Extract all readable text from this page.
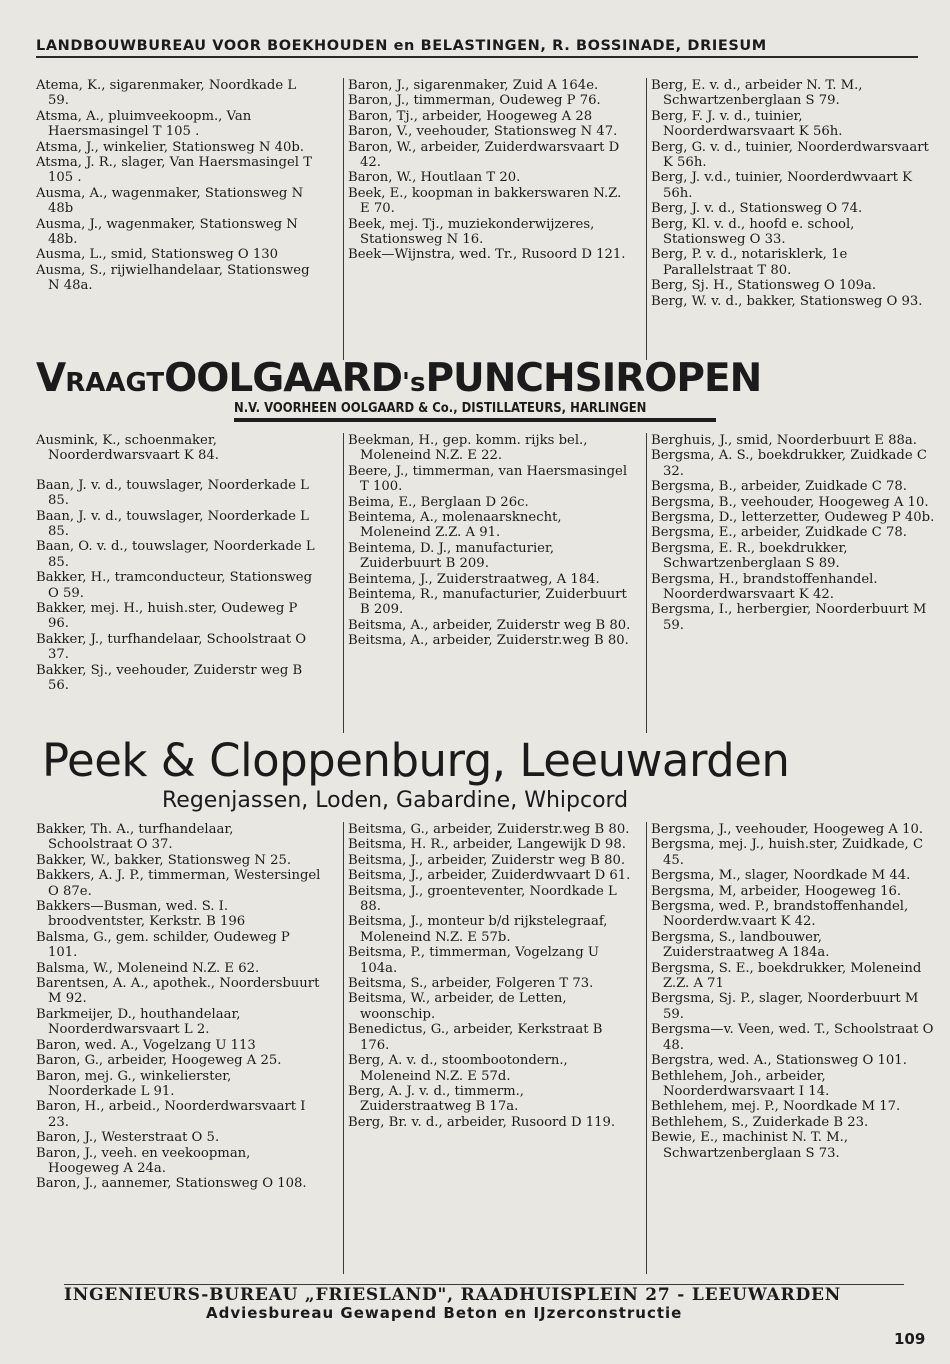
LANDBOUWBUREAU VOOR BOEKHOUDEN en BELASTINGEN, R. BOSSINADE, DRIESUM
Atema, K., sigarenmaker, Noordkade L 59.
Atsma, A., pluimveekoopm., Van Haersmasingel T 105 .
Atsma, J., winkelier, Stationsweg N 40b.
Atsma, J. R., slager, Van Haersmasingel T 105 .
Ausma, A., wagenmaker, Stationsweg N 48b
Ausma, J., wagenmaker, Stationsweg N 48b.
Ausma, L., smid, Stationsweg O 130
Ausma, S., rijwielhandelaar, Stationsweg N 48a.
Baron, J., sigarenmaker, Zuid A 164e.
Baron, J., timmerman, Oudeweg P 76.
Baron, Tj., arbeider, Hoogeweg A 28
Baron, V., veehouder, Stationsweg N 47.
Baron, W., arbeider, Zuiderdwarsvaart D 42.
Baron, W., Houtlaan T 20.
Beek, E., koopman in bakkerswaren N.Z. E 70.
Beek, mej. Tj., muziekonderwijzeres, Stationsweg N 16.
Beek—Wijnstra, wed. Tr., Rusoord D 121.
Berg, E. v. d., arbeider N. T. M., Schwartzenberglaan S 79.
Berg, F. J. v. d., tuinier, Noorderdwarsvaart K 56h.
Berg, G. v. d., tuinier, Noorderdwarsvaart K 56h.
Berg, J. v.d., tuinier, Noorderdwvaart K 56h.
Berg, J. v. d., Stationsweg O 74.
Berg, Kl. v. d., hoofd e. school, Stationsweg O 33.
Berg, P. v. d., notarisklerk, 1e Parallelstraat T 80.
Berg, Sj. H., Stationsweg O 109a.
Berg, W. v. d., bakker, Stationsweg O 93.
VRAAGTOOLGAARD'sPUNCHSIROPEN
N.V. VOORHEEN OOLGAARD & Co., DISTILLATEURS, HARLINGEN
Ausmink, K., schoenmaker, Noorderdwarsvaart K 84.
Baan, J. v. d., touwslager, Noorderkade L 85.
Baan, J. v. d., touwslager, Noorderkade L 85.
Baan, O. v. d., touwslager, Noorderkade L 85.
Bakker, H., tramconducteur, Stationsweg O 59.
Bakker, mej. H., huish.ster, Oudeweg P 96.
Bakker, J., turfhandelaar, Schoolstraat O 37.
Bakker, Sj., veehouder, Zuiderstr weg B 56.
Beekman, H., gep. komm. rijks bel., Moleneind N.Z. E 22.
Beere, J., timmerman, van Haersmasingel T 100.
Beima, E., Berglaan D 26c.
Beintema, A., molenaarsknecht, Moleneind Z.Z. A 91.
Beintema, D. J., manufacturier, Zuiderbuurt B 209.
Beintema, J., Zuiderstraatweg, A 184.
Beintema, R., manufacturier, Zuiderbuurt B 209.
Beitsma, A., arbeider, Zuiderstr weg B 80.
Beitsma, A., arbeider, Zuiderstr.weg B 80.
Berghuis, J., smid, Noorderbuurt E 88a.
Bergsma, A. S., boekdrukker, Zuidkade C 32.
Bergsma, B., arbeider, Zuidkade C 78.
Bergsma, B., veehouder, Hoogeweg A 10.
Bergsma, D., letterzetter, Oudeweg P 40b.
Bergsma, E., arbeider, Zuidkade C 78.
Bergsma, E. R., boekdrukker, Schwartzenberglaan S 89.
Bergsma, H., brandstoffenhandel. Noorderdwarsvaart K 42.
Bergsma, I., herbergier, Noorderbuurt M 59.
Peek & Cloppenburg, Leeuwarden
Regenjassen, Loden, Gabardine, Whipcord
Bakker, Th. A., turfhandelaar, Schoolstraat O 37.
Bakker, W., bakker, Stationsweg N 25.
Bakkers, A. J. P., timmerman, Westersingel O 87e.
Bakkers—Busman, wed. S. I. broodventster, Kerkstr. B 196
Balsma, G., gem. schilder, Oudeweg P 101.
Balsma, W., Moleneind N.Z. E 62.
Barentsen, A. A., apothek., Noordersbuurt M 92.
Barkmeijer, D., houthandelaar, Noorderdwarsvaart L 2.
Baron, wed. A., Vogelzang U 113
Baron, G., arbeider, Hoogeweg A 25.
Baron, mej. G., winkelierster, Noorderkade L 91.
Baron, H., arbeid., Noorderdwarsvaart I 23.
Baron, J., Westerstraat O 5.
Baron, J., veeh. en veekoopman, Hoogeweg A 24a.
Baron, J., aannemer, Stationsweg O 108.
Beitsma, G., arbeider, Zuiderstr.weg B 80.
Beitsma, H. R., arbeider, Langewijk D 98.
Beitsma, J., arbeider, Zuiderstr weg B 80.
Beitsma, J., arbeider, Zuiderdwvaart D 61.
Beitsma, J., groenteventer, Noordkade L 88.
Beitsma, J., monteur b/d rijkstelegraaf, Moleneind N.Z. E 57b.
Beitsma, P., timmerman, Vogelzang U 104a.
Beitsma, S., arbeider, Folgeren T 73.
Beitsma, W., arbeider, de Letten, woonschip.
Benedictus, G., arbeider, Kerkstraat B 176.
Berg, A. v. d., stoombootondern., Moleneind N.Z. E 57d.
Berg, A. J. v. d., timmerm., Zuiderstraatweg B 17a.
Berg, Br. v. d., arbeider, Rusoord D 119.
Bergsma, J., veehouder, Hoogeweg A 10.
Bergsma, mej. J., huish.ster, Zuidkade, C 45.
Bergsma, M., slager, Noordkade M 44.
Bergsma, M, arbeider, Hoogeweg 16.
Bergsma, wed. P., brandstoffenhandel, Noorderdw.vaart K 42.
Bergsma, S., landbouwer, Zuiderstraatweg A 184a.
Bergsma, S. E., boekdrukker, Moleneind Z.Z. A 71
Bergsma, Sj. P., slager, Noorderbuurt M 59.
Bergsma—v. Veen, wed. T., Schoolstraat O 48.
Bergstra, wed. A., Stationsweg O 101.
Bethlehem, Joh., arbeider, Noorderdwarsvaart I 14.
Bethlehem, mej. P., Noordkade M 17.
Bethlehem, S., Zuiderkade B 23.
Bewie, E., machinist N. T. M., Schwartzenberglaan S 73.
INGENIEURS-BUREAU „FRIESLAND", RAADHUISPLEIN 27 - LEEUWARDEN
Adviesbureau Gewapend Beton en IJzerconstructie
109
